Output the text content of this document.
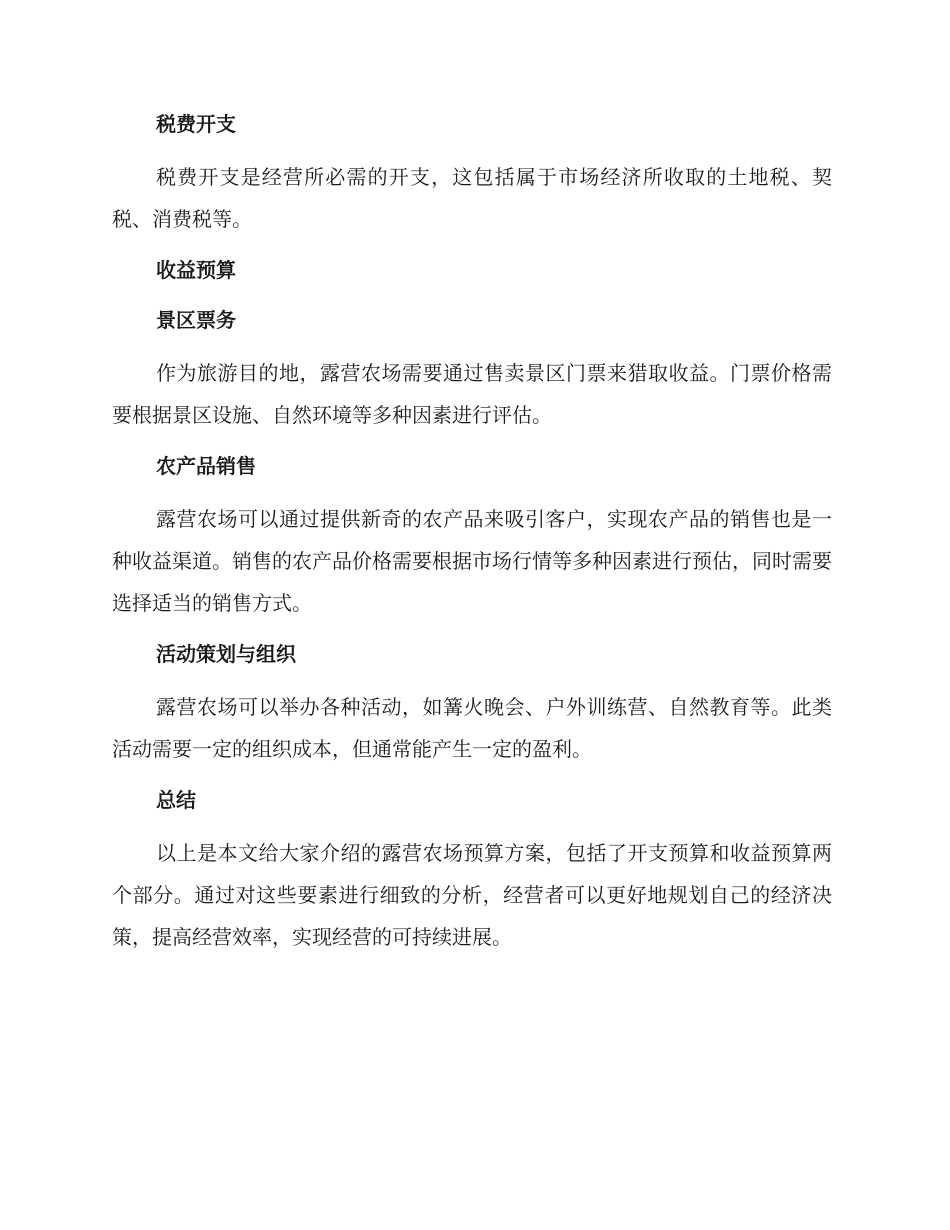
税费开支

税费开支是经营所必需的开支，这包括属于市场经济所收取的土地税、契税、消费税等。

收益预算
景区票务

作为旅游目的地，露营农场需要通过售卖景区门票来猎取收益。门票价格需要根据景区设施、自然环境等多种因素进行评估。

农产品销售

露营农场可以通过提供新奇的农产品来吸引客户，实现农产品的销售也是一种收益渠道。销售的农产品价格需要根据市场行情等多种因素进行预估，同时需要选择适当的销售方式。

活动策划与组织

露营农场可以举办各种活动，如篝火晚会、户外训练营、自然教育等。此类活动需要一定的组织成本，但通常能产生一定的盈利。

总结

以上是本文给大家介绍的露营农场预算方案，包括了开支预算和收益预算两个部分。通过对这些要素进行细致的分析，经营者可以更好地规划自己的经济决策，提高经营效率，实现经营的可持续进展。
